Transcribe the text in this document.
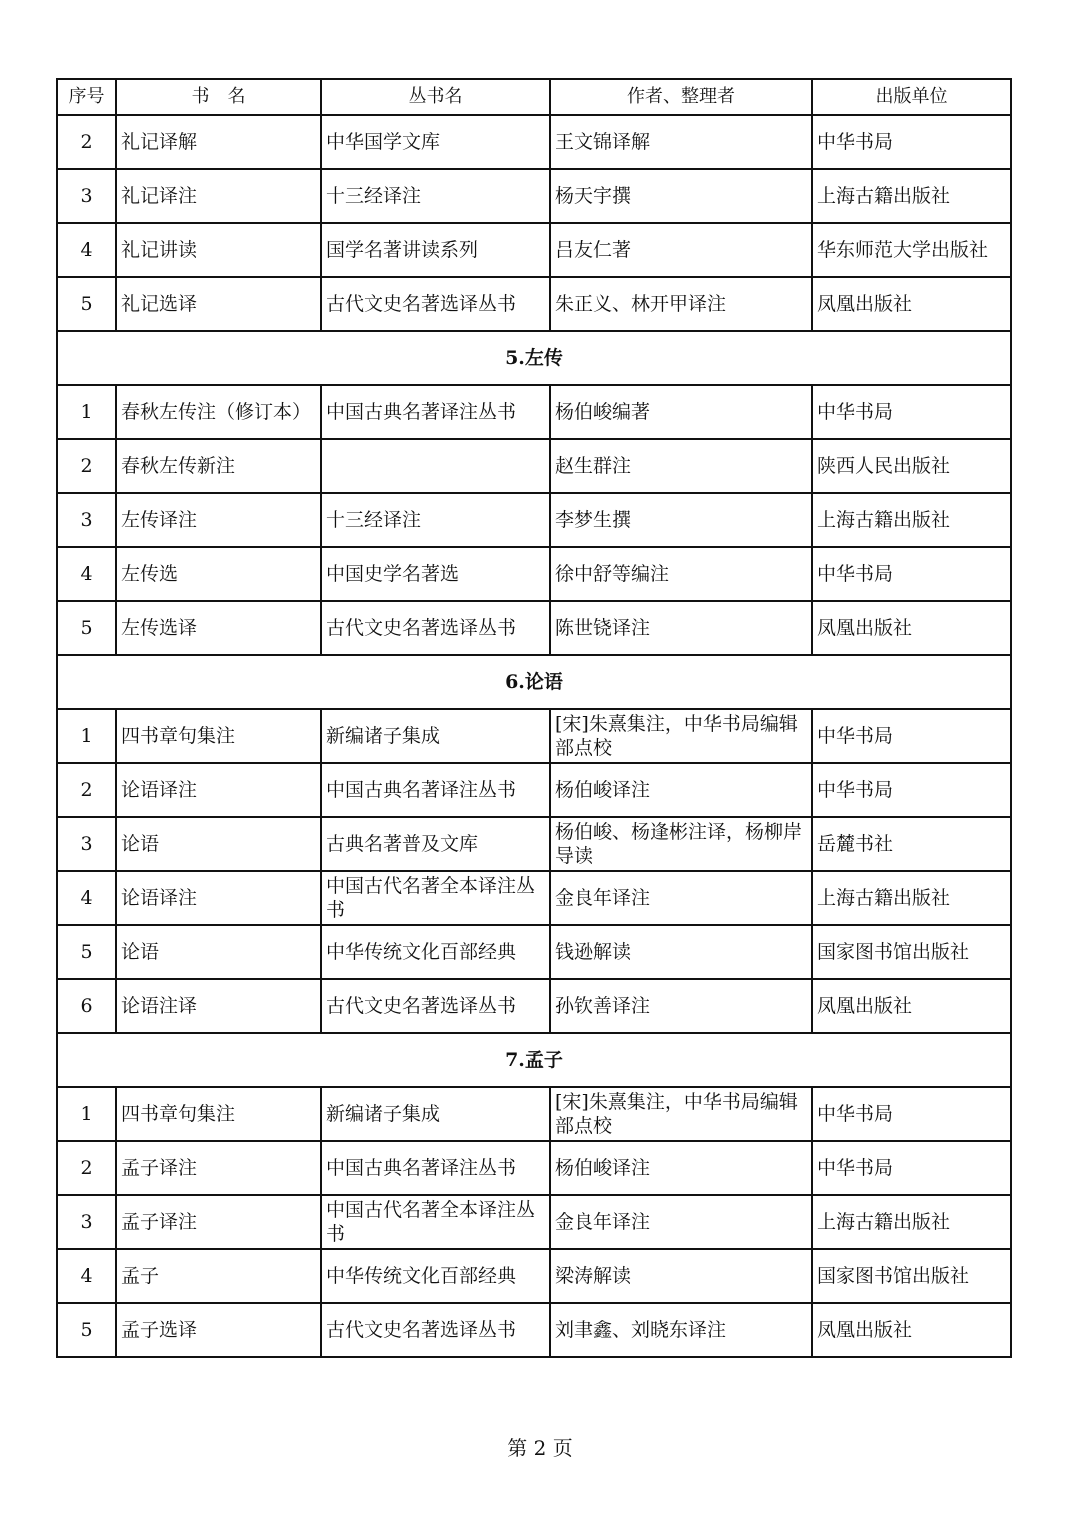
序号	书　名	丛书名	作者、整理者	出版单位
2	礼记译解	中华国学文库	王文锦译解	中华书局
3	礼记译注	十三经译注	杨天宇撰	上海古籍出版社
4	礼记讲读	国学名著讲读系列	吕友仁著	华东师范大学出版社
5	礼记选译	古代文史名著选译丛书	朱正义、林开甲译注	凤凰出版社
5.左传				
1	春秋左传注（修订本）	中国古典名著译注丛书	杨伯峻编著	中华书局
2	春秋左传新注		赵生群注	陕西人民出版社
3	左传译注	十三经译注	李梦生撰	上海古籍出版社
4	左传选	中国史学名著选	徐中舒等编注	中华书局
5	左传选译	古代文史名著选译丛书	陈世铙译注	凤凰出版社
6.论语				
1	四书章句集注	新编诸子集成	[宋]朱熹集注，中华书局编辑部点校	中华书局
2	论语译注	中国古典名著译注丛书	杨伯峻译注	中华书局
3	论语	古典名著普及文库	杨伯峻、杨逢彬注译，杨柳岸导读	岳麓书社
4	论语译注	中国古代名著全本译注丛书	金良年译注	上海古籍出版社
5	论语	中华传统文化百部经典	钱逊解读	国家图书馆出版社
6	论语注译	古代文史名著选译丛书	孙钦善译注	凤凰出版社
7.孟子				
1	四书章句集注	新编诸子集成	[宋]朱熹集注，中华书局编辑部点校	中华书局
2	孟子译注	中国古典名著译注丛书	杨伯峻译注	中华书局
3	孟子译注	中国古代名著全本译注丛书	金良年译注	上海古籍出版社
4	孟子	中华传统文化百部经典	梁涛解读	国家图书馆出版社
5	孟子选译	古代文史名著选译丛书	刘聿鑫、刘晓东译注	凤凰出版社
第 2 页
